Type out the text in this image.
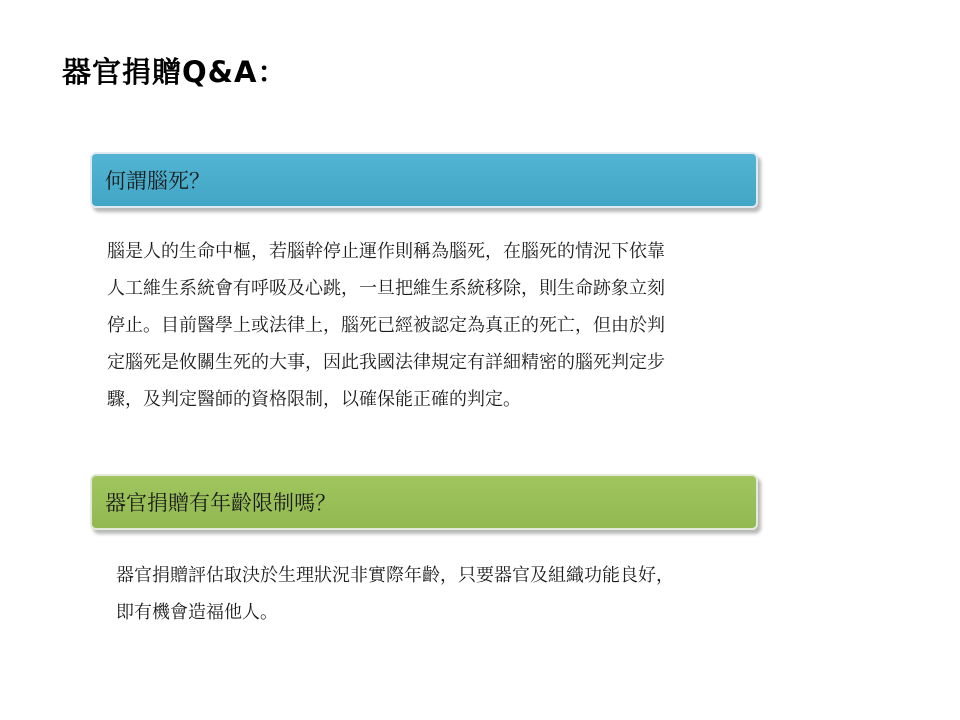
器官捐贈Q&A：
何謂腦死？
腦是人的生命中樞，若腦幹停止運作則稱為腦死，在腦死的情況下依靠
人工維生系統會有呼吸及心跳，一旦把維生系統移除，則生命跡象立刻
停止。目前醫學上或法律上，腦死已經被認定為真正的死亡，但由於判
定腦死是攸關生死的大事，因此我國法律規定有詳細精密的腦死判定步
驟，及判定醫師的資格限制，以確保能正確的判定。
器官捐贈有年齡限制嗎？
器官捐贈評估取決於生理狀況非實際年齡，只要器官及組織功能良好，
即有機會造福他人。
